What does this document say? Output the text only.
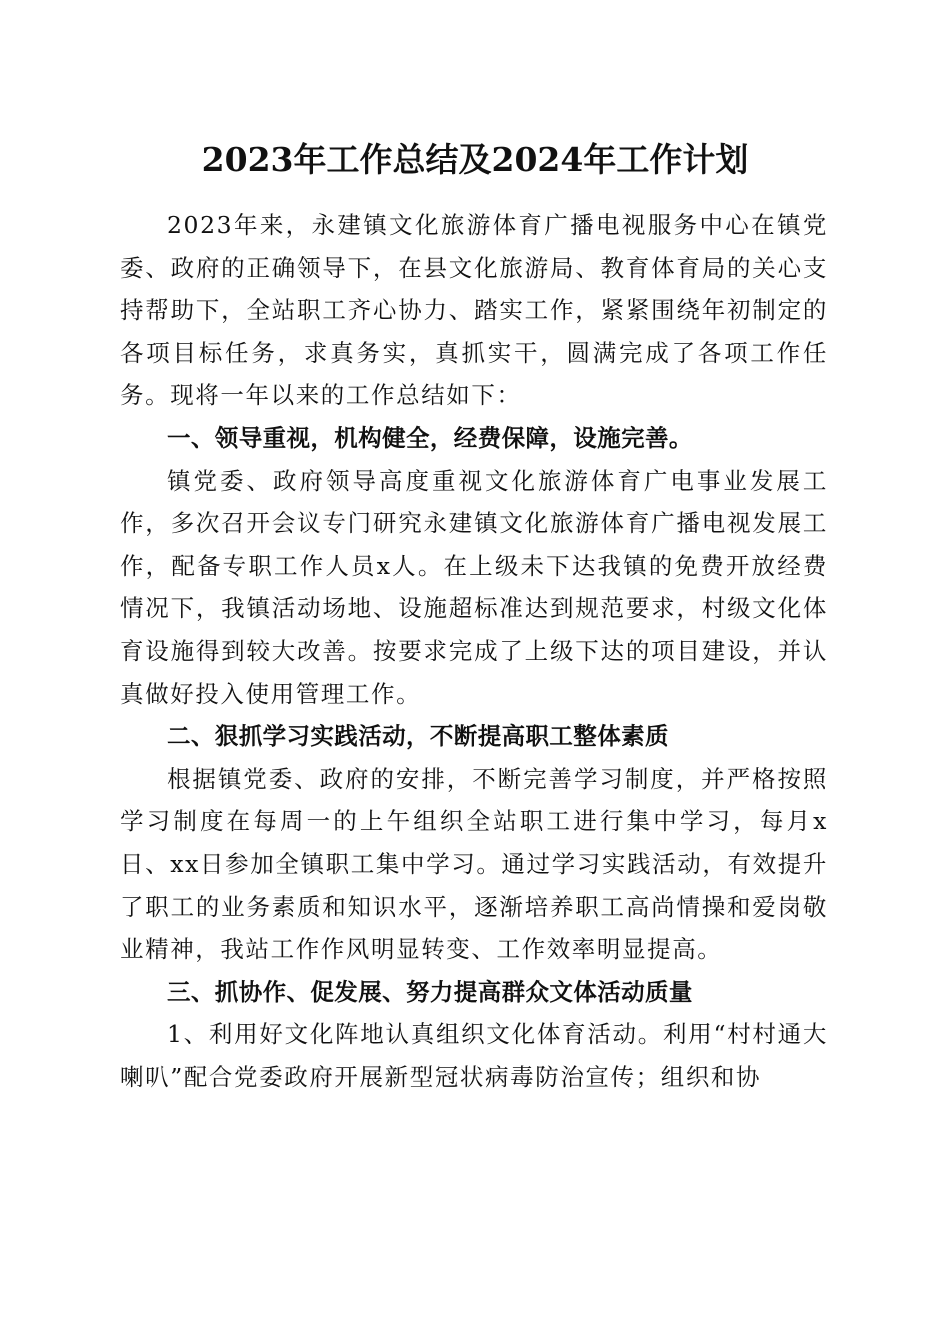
2023年工作总结及2024年工作计划

2023年来，永建镇文化旅游体育广播电视服务中心在镇党委、政府的正确领导下，在县文化旅游局、教育体育局的关心支持帮助下，全站职工齐心协力、踏实工作，紧紧围绕年初制定的各项目标任务，求真务实，真抓实干，圆满完成了各项工作任务。现将一年以来的工作总结如下：

一、领导重视，机构健全，经费保障，设施完善。

镇党委、政府领导高度重视文化旅游体育广电事业发展工作，多次召开会议专门研究永建镇文化旅游体育广播电视发展工作，配备专职工作人员x人。在上级未下达我镇的免费开放经费情况下，我镇活动场地、设施超标准达到规范要求，村级文化体育设施得到较大改善。按要求完成了上级下达的项目建设，并认真做好投入使用管理工作。

二、狠抓学习实践活动，不断提高职工整体素质

根据镇党委、政府的安排，不断完善学习制度，并严格按照学习制度在每周一的上午组织全站职工进行集中学习，每月x日、xx日参加全镇职工集中学习。通过学习实践活动，有效提升了职工的业务素质和知识水平，逐渐培养职工高尚情操和爱岗敬业精神，我站工作作风明显转变、工作效率明显提高。

三、抓协作、促发展、努力提高群众文体活动质量

1、利用好文化阵地认真组织文化体育活动。利用“村村通大喇叭”配合党委政府开展新型冠状病毒防治宣传；组织和协
